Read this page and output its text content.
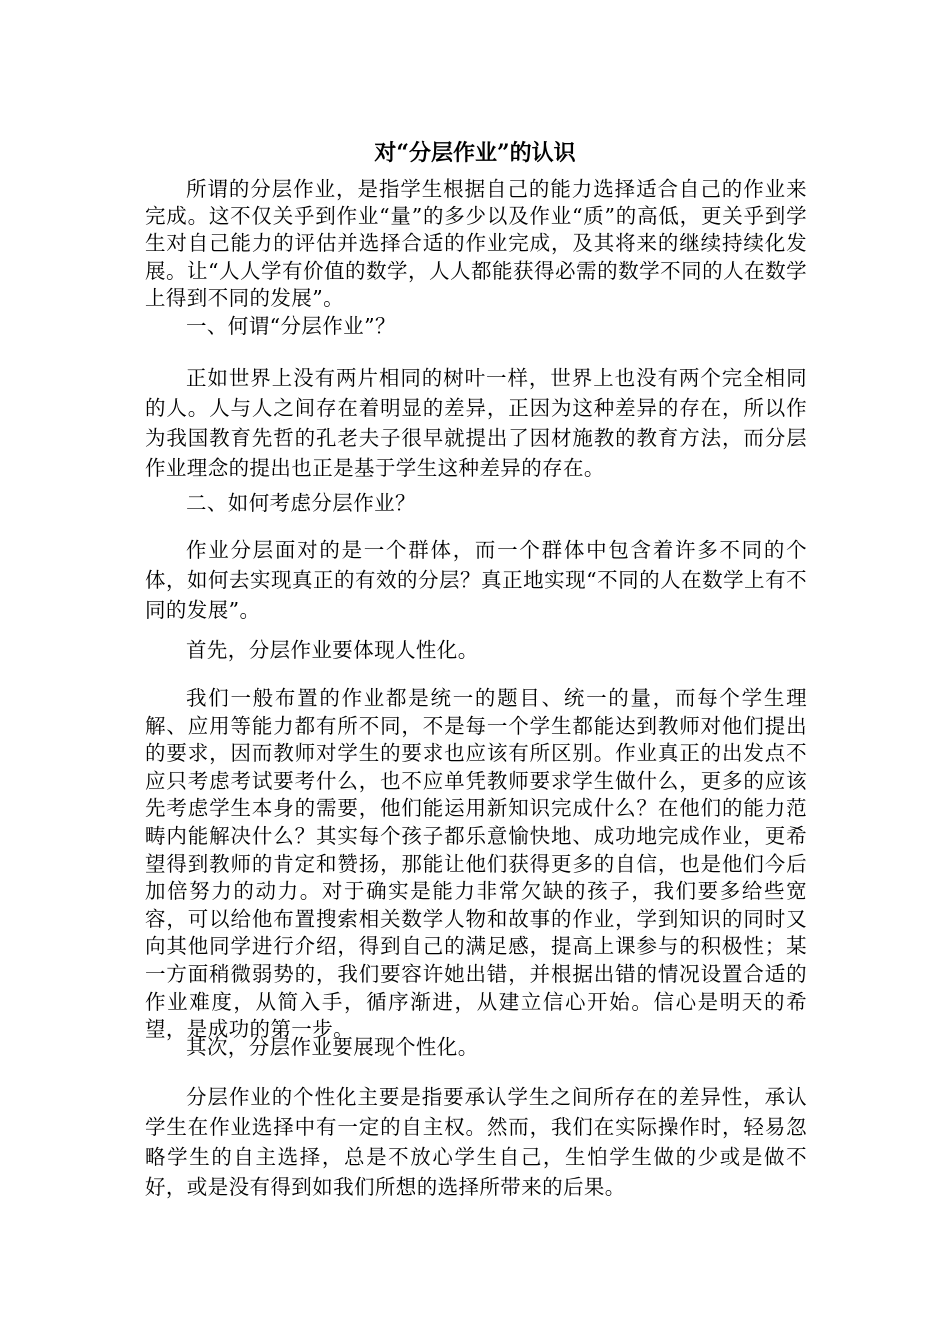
对“分层作业”的认识

所谓的分层作业，是指学生根据自己的能力选择适合自己的作业来完成。这不仅关乎到作业“量”的多少以及作业“质”的高低，更关乎到学生对自己能力的评估并选择合适的作业完成，及其将来的继续持续化发展。让“人人学有价值的数学，人人都能获得必需的数学不同的人在数学上得到不同的发展”。

一、何谓“分层作业”？

正如世界上没有两片相同的树叶一样，世界上也没有两个完全相同的人。人与人之间存在着明显的差异，正因为这种差异的存在，所以作为我国教育先哲的孔老夫子很早就提出了因材施教的教育方法，而分层作业理念的提出也正是基于学生这种差异的存在。

二、如何考虑分层作业？

作业分层面对的是一个群体，而一个群体中包含着许多不同的个体，如何去实现真正的有效的分层？真正地实现“不同的人在数学上有不同的发展”。

首先，分层作业要体现人性化。

我们一般布置的作业都是统一的题目、统一的量，而每个学生理解、应用等能力都有所不同，不是每一个学生都能达到教师对他们提出的要求，因而教师对学生的要求也应该有所区别。作业真正的出发点不应只考虑考试要考什么，也不应单凭教师要求学生做什么，更多的应该先考虑学生本身的需要，他们能运用新知识完成什么？在他们的能力范畴内能解决什么？其实每个孩子都乐意愉快地、成功地完成作业，更希望得到教师的肯定和赞扬，那能让他们获得更多的自信，也是他们今后加倍努力的动力。对于确实是能力非常欠缺的孩子，我们要多给些宽容，可以给他布置搜索相关数学人物和故事的作业，学到知识的同时又向其他同学进行介绍，得到自己的满足感，提高上课参与的积极性；某一方面稍微弱势的，我们要容许她出错，并根据出错的情况设置合适的作业难度，从简入手，循序渐进，从建立信心开始。信心是明天的希望，是成功的第一步。

其次，分层作业要展现个性化。

分层作业的个性化主要是指要承认学生之间所存在的差异性，承认学生在作业选择中有一定的自主权。然而，我们在实际操作时，轻易忽略学生的自主选择，总是不放心学生自己，生怕学生做的少或是做不好，或是没有得到如我们所想的选择所带来的后果。
